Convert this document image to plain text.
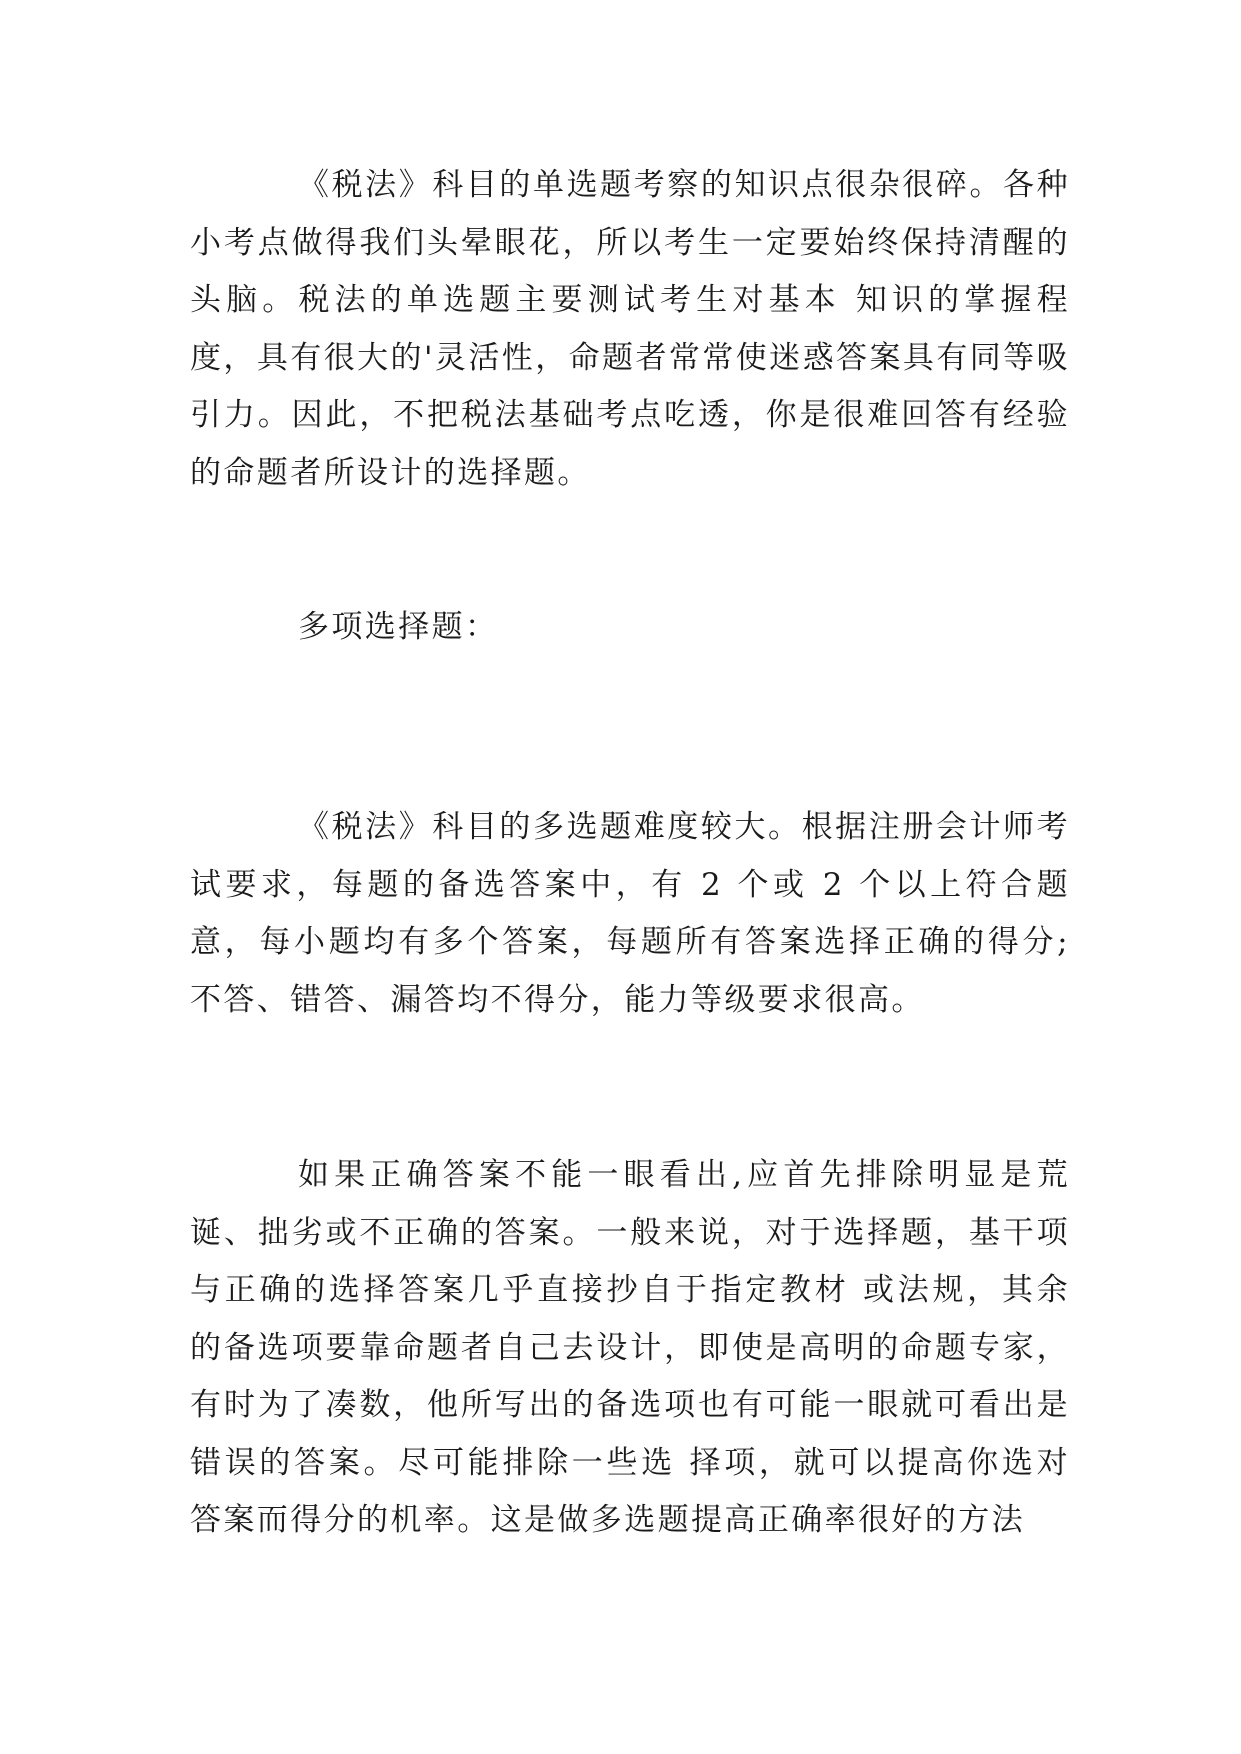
《税法》科目的单选题考察的知识点很杂很碎。各种小考点做得我们头晕眼花，所以考生一定要始终保持清醒的头脑。税法的单选题主要测试考生对基本 知识的掌握程度，具有很大的'灵活性，命题者常常使迷惑答案具有同等吸引力。因此，不把税法基础考点吃透，你是很难回答有经验的命题者所设计的选择题。

多项选择题：

《税法》科目的多选题难度较大。根据注册会计师考试要求，每题的备选答案中，有 2 个或 2 个以上符合题意，每小题均有多个答案，每题所有答案选择正确的得分;不答、错答、漏答均不得分，能力等级要求很高。

如果正确答案不能一眼看出,应首先排除明显是荒诞、拙劣或不正确的答案。一般来说，对于选择题，基干项与正确的选择答案几乎直接抄自于指定教材 或法规，其余的备选项要靠命题者自己去设计，即使是高明的命题专家，有时为了凑数，他所写出的备选项也有可能一眼就可看出是错误的答案。尽可能排除一些选 择项，就可以提高你选对答案而得分的机率。这是做多选题提高正确率很好的方法
